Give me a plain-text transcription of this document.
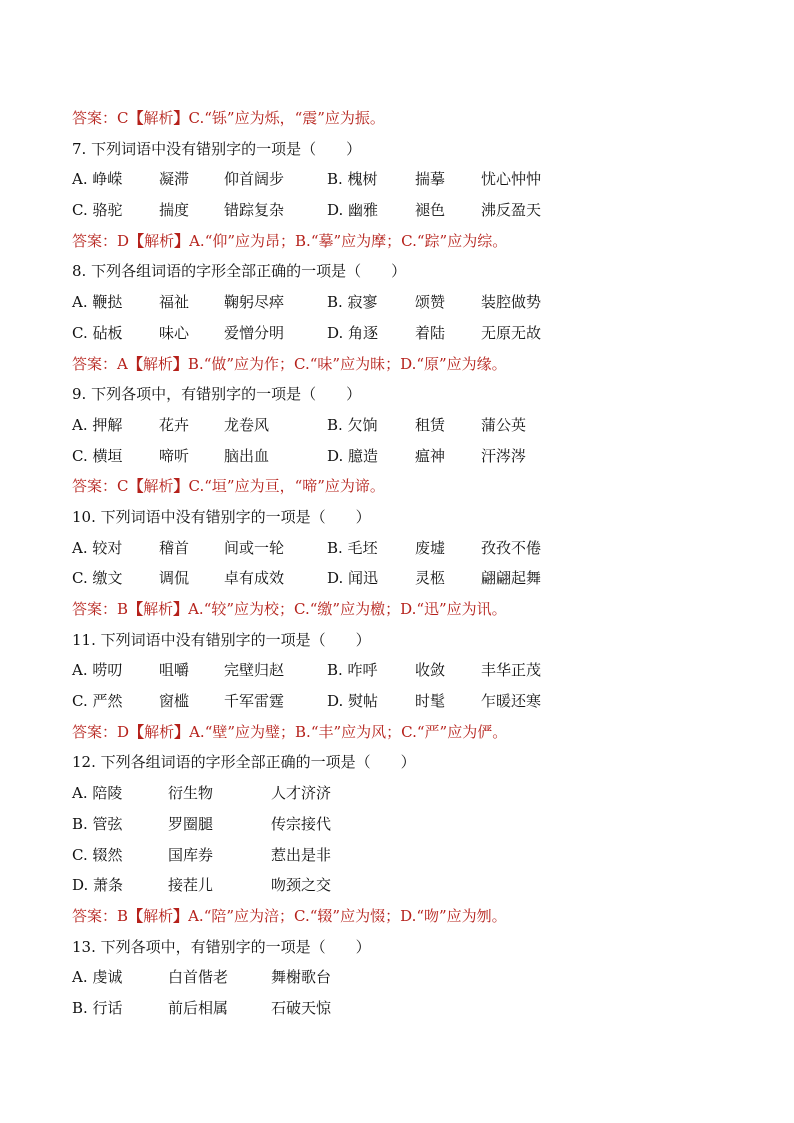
答案：C【解析】C.“铄”应为烁，“震”应为振。
7. 下列词语中没有错别字的一项是（　　）
A. 峥嵘 凝滞 仰首阔步	B. 槐树 揣摹 忧心忡忡
C. 骆驼 揣度 错踪复杂	D. 幽雅 褪色 沸反盈天
答案：D【解析】A.“仰”应为昂；B.“摹”应为摩；C.“踪”应为综。
8. 下列各组词语的字形全部正确的一项是（　　）
A. 鞭挞 福祉 鞠躬尽瘁	B. 寂寥 颂赞 装腔做势
C. 砧板 味心 爱憎分明	D. 角逐 着陆 无原无故
答案：A【解析】B.“做”应为作；C.“味”应为昧；D.“原”应为缘。
9. 下列各项中，有错别字的一项是（　　）
A. 押解 花卉 龙卷风	B. 欠饷 租赁 蒲公英
C. 横垣 啼听 脑出血	D. 臆造 瘟神 汗涔涔
答案：C【解析】C.“垣”应为亘，“啼”应为谛。
10. 下列词语中没有错别字的一项是（　　）
A. 较对 稽首 间或一轮	B. 毛坯 废墟 孜孜不倦
C. 缴文 调侃 卓有成效	D. 闻迅 灵柩 翩翩起舞
答案：B【解析】A.“较”应为校；C.“缴”应为檄；D.“迅”应为讯。
11. 下列词语中没有错别字的一项是（　　）
A. 唠叨 咀嚼 完壁归赵	B. 咋呼 收敛 丰华正茂
C. 严然 窗槛 千军雷霆	D. 熨帖 时髦 乍暖还寒
答案：D【解析】A.“壁”应为璧；B.“丰”应为风；C.“严”应为俨。
12. 下列各组词语的字形全部正确的一项是（　　）
A. 陪陵	衍生物	人才济济
B. 管弦	罗圈腿	传宗接代
C. 辍然	国库券	惹出是非
D. 萧条	接茬儿	吻颈之交
答案：B【解析】A.“陪”应为涪；C.“辍”应为惙；D.“吻”应为刎。
13. 下列各项中，有错别字的一项是（　　）
A. 虔诚	白首偕老	舞榭歌台
B. 行话	前后相属	石破天惊
